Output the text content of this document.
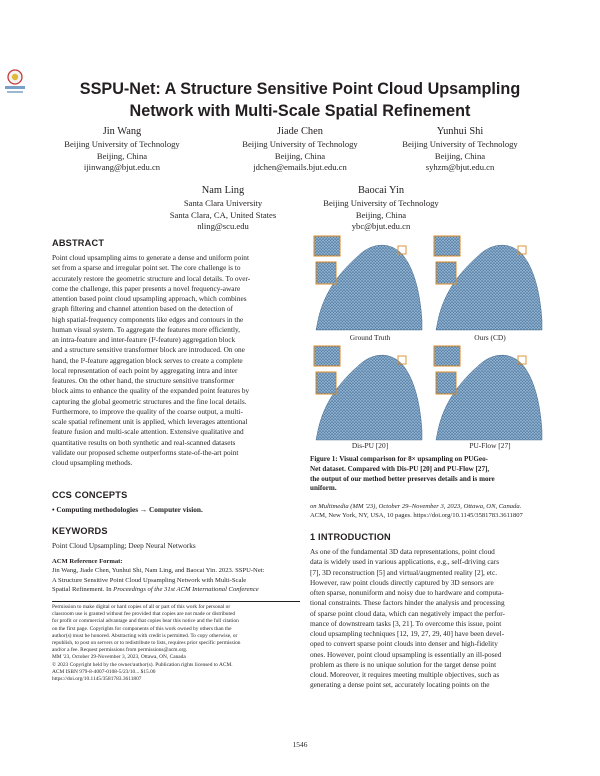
SSPU-Net: A Structure Sensitive Point Cloud Upsampling
Network with Multi-Scale Spatial Refinement
Jin Wang
Beijing University of Technology
Beijing, China
ijinwang@bjut.edu.cn
Jiade Chen
Beijing University of Technology
Beijing, China
jdchen@emails.bjut.edu.cn
Yunhui Shi
Beijing University of Technology
Beijing, China
syhzm@bjut.edu.cn
Nam Ling
Santa Clara University
Santa Clara, CA, United States
nling@scu.edu
Baocai Yin
Beijing University of Technology
Beijing, China
ybc@bjut.edu.cn
ABSTRACT
Point cloud upsampling aims to generate a dense and uniform point
set from a sparse and irregular point set. The core challenge is to
accurately restore the geometric structure and local details. To over-
come the challenge, this paper presents a novel frequency-aware
attention based point cloud upsampling approach, which combines
graph filtering and channel attention based on the detection of
high spatial-frequency components like edges and contours in the
human visual system. To aggregate the features more efficiently,
an intra-feature and inter-feature (I²-feature) aggregation block
and a structure sensitive transformer block are introduced. On one
hand, the I²-feature aggregation block serves to create a complete
local representation of each point by aggregating intra and inter
features. On the other hand, the structure sensitive transformer
block aims to enhance the quality of the expanded point features by
capturing the global geometric structures and the fine local details.
Furthermore, to improve the quality of the coarse output, a multi-
scale spatial refinement unit is applied, which leverages attentional
feature fusion and multi-scale attention. Extensive qualitative and
quantitative results on both synthetic and real-scanned datasets
validate our proposed scheme outperforms state-of-the-art point
cloud upsampling methods.
CCS CONCEPTS
• Computing methodologies → Computer vision.
KEYWORDS
Point Cloud Upsampling; Deep Neural Networks
ACM Reference Format:
Jin Wang, Jiade Chen, Yunhui Shi, Nam Ling, and Baocai Yin. 2023. SSPU-Net:
A Structure Sensitive Point Cloud Upsampling Network with Multi-Scale
Spatial Refinement. In Proceedings of the 31st ACM International Conference
Permission to make digital or hard copies of all or part of this work for personal or
classroom use is granted without fee provided that copies are not made or distributed
for profit or commercial advantage and that copies bear this notice and the full citation
on the first page. Copyrights for components of this work owned by others than the
author(s) must be honored. Abstracting with credit is permitted. To copy otherwise, or
republish, to post on servers or to redistribute to lists, requires prior specific permission
and/or a fee. Request permissions from permissions@acm.org.
MM '23, October 29-November 3, 2023, Ottawa, ON, Canada
© 2023 Copyright held by the owner/author(s). Publication rights licensed to ACM.
ACM ISBN 979-8-4007-0108-5/23/10... $15.00
https://doi.org/10.1145/3581783.3611807
Ground Truth	Ours (CD)
Dis-PU [20]	PU-Flow [27]
Figure 1: Visual comparison for 8× upsampling on PUGeo-
Net dataset. Compared with Dis-PU [20] and PU-Flow [27],
the output of our method better preserves details and is more
uniform.
on Multimedia (MM '23), October 29–November 3, 2023, Ottawa, ON, Canada.
ACM, New York, NY, USA, 10 pages. https://doi.org/10.1145/3581783.3611807
1 INTRODUCTION
As one of the fundamental 3D data representations, point cloud
data is widely used in various applications, e.g., self-driving cars
[7], 3D reconstruction [5] and virtual/augmented reality [2], etc.
However, raw point clouds directly captured by 3D sensors are
often sparse, nonuniform and noisy due to hardware and computa-
tional constraints. These factors hinder the analysis and processing
of sparse point cloud data, which can negatively impact the perfor-
mance of downstream tasks [3, 21]. To overcome this issue, point
cloud upsampling techniques [12, 19, 27, 29, 40] have been devel-
oped to convert sparse point clouds into denser and high-fidelity
ones. However, point cloud upsampling is essentially an ill-posed
problem as there is no unique solution for the target dense point
cloud. Moreover, it requires meeting multiple objectives, such as
generating a dense point set, accurately locating points on the
1546
